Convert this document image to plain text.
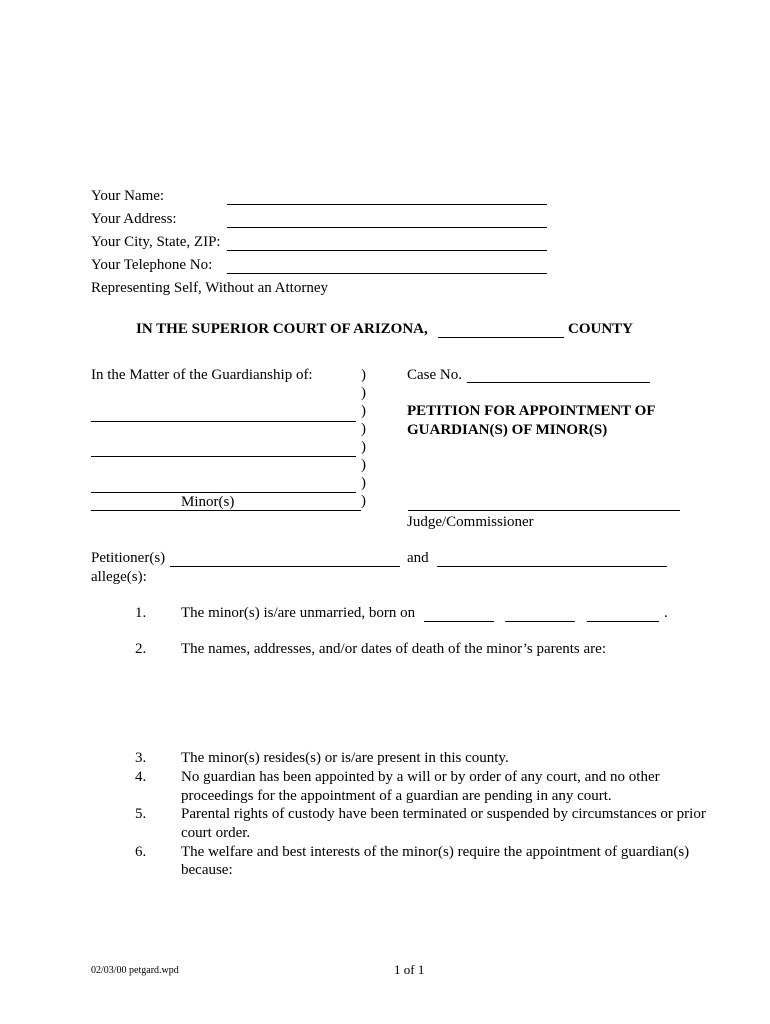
Your Name:
Your Address:
Your City, State, ZIP:
Your Telephone No:
Representing Self, Without an Attorney
IN THE SUPERIOR COURT OF ARIZONA,	COUNTY
In the Matter of the Guardianship of:	)
)
)
)
)
)
)
)
Minor(s)
Case No.
PETITION FOR APPOINTMENT OF
GUARDIAN(S) OF MINOR(S)
Judge/Commissioner
Petitioner(s)	and
allege(s):
1. The minor(s) is/are unmarried, born on	.
2. The names, addresses, and/or dates of death of the minor’s parents are:
3. The minor(s) resides(s) or is/are present in this county.
4. No guardian has been appointed by a will or by order of any court, and no other
proceedings for the appointment of a guardian are pending in any court.
5. Parental rights of custody have been terminated or suspended by circumstances or prior
court order.
6. The welfare and best interests of the minor(s) require the appointment of guardian(s)
because:
02/03/00 petgard.wpd	1 of 1
